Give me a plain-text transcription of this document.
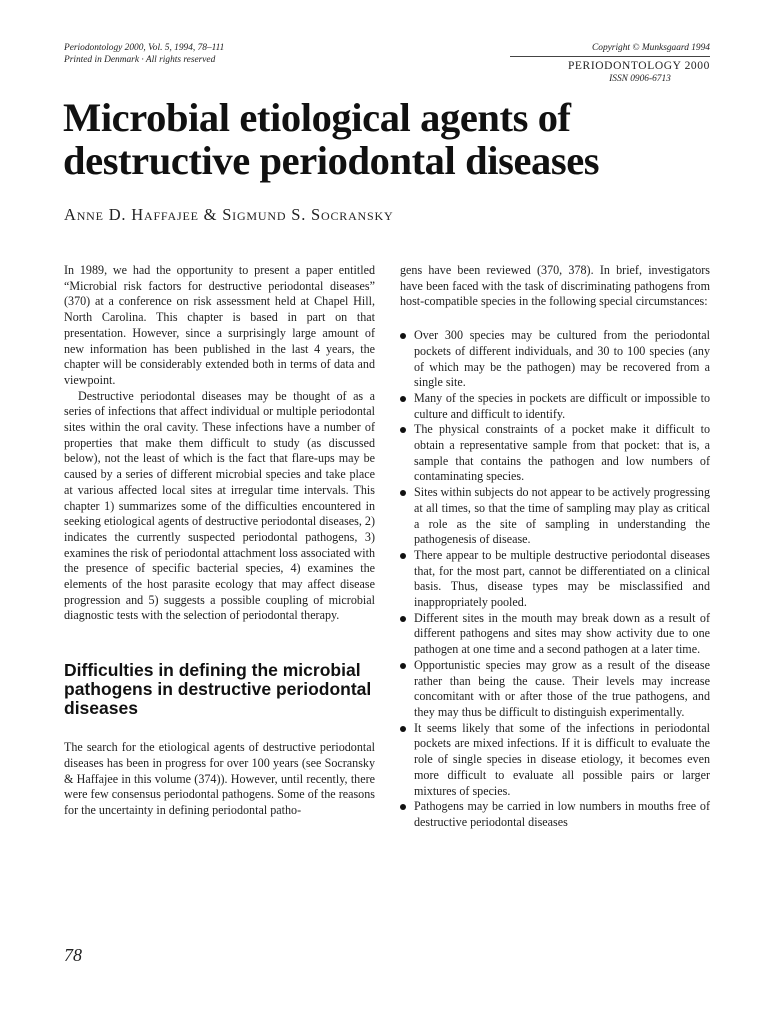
Periodontology 2000, Vol. 5, 1994, 78–111
Printed in Denmark · All rights reserved
Copyright © Munksgaard 1994
PERIODONTOLOGY 2000
ISSN 0906-6713
Microbial etiological agents of destructive periodontal diseases

Anne D. Haffajee & Sigmund S. Socransky

In 1989, we had the opportunity to present a paper entitled “Microbial risk factors for destructive periodontal diseases” (370) at a conference on risk assessment held at Chapel Hill, North Carolina. This chapter is based in part on that presentation. However, since a surprisingly large amount of new information has been published in the last 4 years, the chapter will be considerably extended both in terms of data and viewpoint.

Destructive periodontal diseases may be thought of as a series of infections that affect individual or multiple periodontal sites within the oral cavity. These infections have a number of properties that make them difficult to study (as discussed below), not the least of which is the fact that flare-ups may be caused by a series of different microbial species and take place at various affected local sites at irregular time intervals. This chapter 1) summarizes some of the difficulties encountered in seeking etiological agents of destructive periodontal diseases, 2) indicates the currently suspected periodontal pathogens, 3) examines the risk of periodontal attachment loss associated with the presence of specific bacterial species, 4) examines the elements of the host parasite ecology that may affect disease progression and 5) suggests a possible coupling of microbial diagnostic tests with the selection of periodontal therapy.

Difficulties in defining the microbial pathogens in destructive periodontal diseases

The search for the etiological agents of destructive periodontal diseases has been in progress for over 100 years (see Socransky & Haffajee in this volume (374)). However, until recently, there were few consensus periodontal pathogens. Some of the reasons for the uncertainty in defining periodontal patho-

gens have been reviewed (370, 378). In brief, investigators have been faced with the task of discriminating pathogens from host-compatible species in the following special circumstances:

Over 300 species may be cultured from the periodontal pockets of different individuals, and 30 to 100 species (any of which may be the pathogen) may be recovered from a single site.
Many of the species in pockets are difficult or impossible to culture and difficult to identify.
The physical constraints of a pocket make it difficult to obtain a representative sample from that pocket: that is, a sample that contains the pathogen and low numbers of contaminating species.
Sites within subjects do not appear to be actively progressing at all times, so that the time of sampling may play as critical a role as the site of sampling in understanding the pathogenesis of disease.
There appear to be multiple destructive periodontal diseases that, for the most part, cannot be differentiated on a clinical basis. Thus, disease types may be misclassified and inappropriately pooled.
Different sites in the mouth may break down as a result of different pathogens and sites may show activity due to one pathogen at one time and a second pathogen at a later time.
Opportunistic species may grow as a result of the disease rather than being the cause. Their levels may increase concomitant with or after those of the true pathogens, and they may thus be difficult to distinguish experimentally.
It seems likely that some of the infections in periodontal pockets are mixed infections. If it is difficult to evaluate the role of single species in disease etiology, it becomes even more difficult to evaluate all possible pairs or larger mixtures of species.
Pathogens may be carried in low numbers in mouths free of destructive periodontal diseases
78
